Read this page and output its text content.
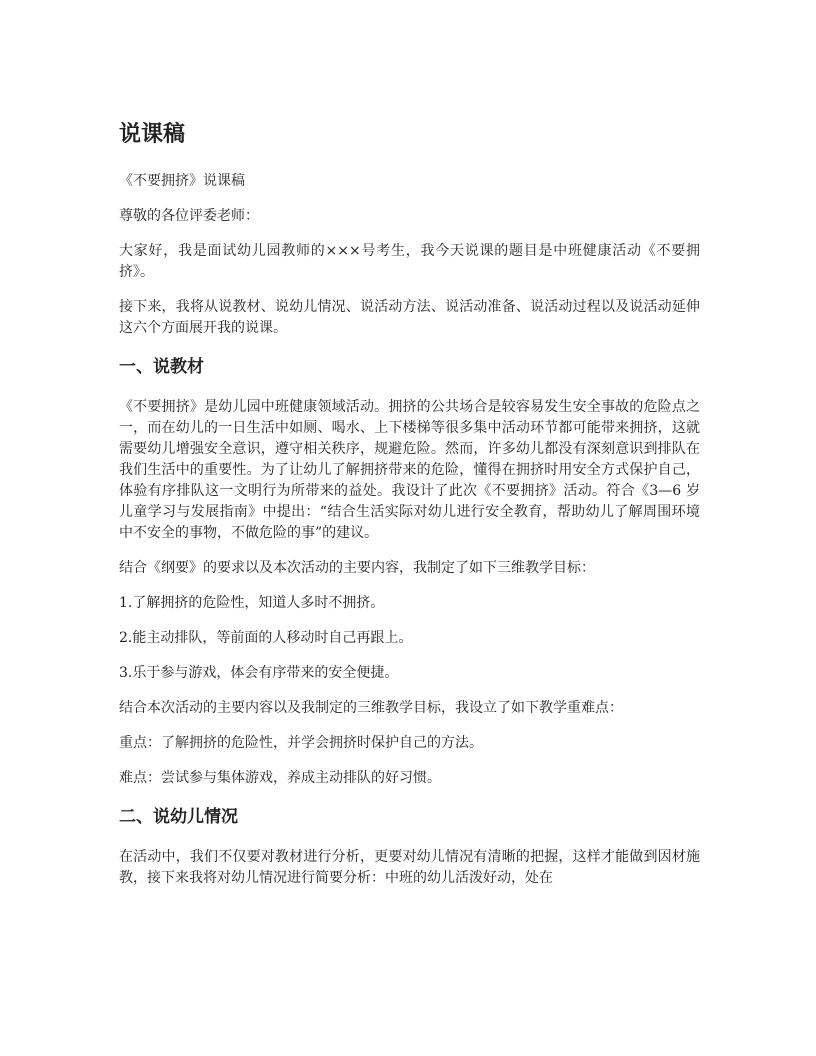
说课稿

《不要拥挤》说课稿

尊敬的各位评委老师：

大家好，我是面试幼儿园教师的×××号考生，我今天说课的题目是中班健康活动《不要拥挤》。

接下来，我将从说教材、说幼儿情况、说活动方法、说活动准备、说活动过程以及说活动延伸这六个方面展开我的说课。

一、说教材

《不要拥挤》是幼儿园中班健康领域活动。拥挤的公共场合是较容易发生安全事故的危险点之一，而在幼儿的一日生活中如厕、喝水、上下楼梯等很多集中活动环节都可能带来拥挤，这就需要幼儿增强安全意识，遵守相关秩序，规避危险。然而，许多幼儿都没有深刻意识到排队在我们生活中的重要性。为了让幼儿了解拥挤带来的危险，懂得在拥挤时用安全方式保护自己，体验有序排队这一文明行为所带来的益处。我设计了此次《不要拥挤》活动。符合《3—6 岁儿童学习与发展指南》中提出：“结合生活实际对幼儿进行安全教育，帮助幼儿了解周围环境中不安全的事物，不做危险的事”的建议。

结合《纲要》的要求以及本次活动的主要内容，我制定了如下三维教学目标：

1.了解拥挤的危险性，知道人多时不拥挤。

2.能主动排队，等前面的人移动时自己再跟上。

3.乐于参与游戏，体会有序带来的安全便捷。

结合本次活动的主要内容以及我制定的三维教学目标，我设立了如下教学重难点：

重点：了解拥挤的危险性，并学会拥挤时保护自己的方法。

难点：尝试参与集体游戏，养成主动排队的好习惯。

二、说幼儿情况

在活动中，我们不仅要对教材进行分析，更要对幼儿情况有清晰的把握，这样才能做到因材施教，接下来我将对幼儿情况进行简要分析：中班的幼儿活泼好动，处在
